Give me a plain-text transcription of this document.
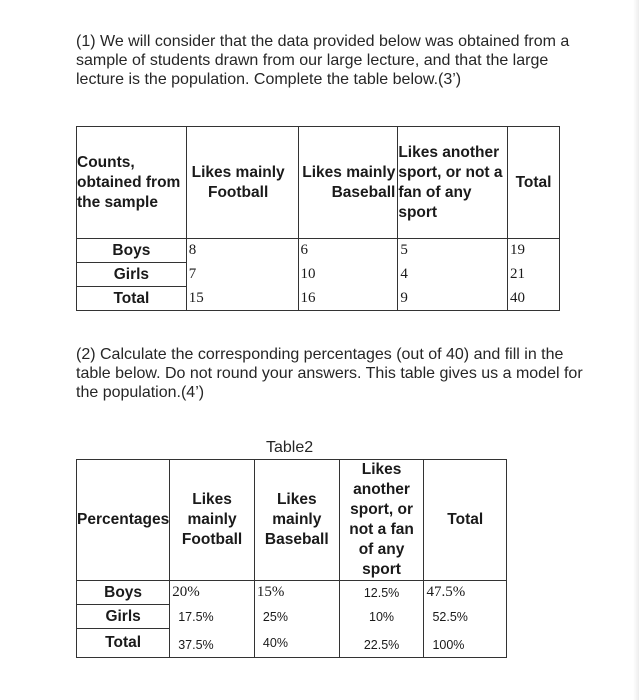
(1) We will consider that the data provided below was obtained from a sample of students drawn from our large lecture, and that the large lecture is the population. Complete the table below.(3’)
Counts, obtained from the sample	Likes mainly Football	Likes mainly Baseball	Likes another sport, or not a fan of any sport	Total
Boys	8	6	5	19
Girls	7	10	4	21
Total	15	16	9	40
(2) Calculate the corresponding percentages (out of 40) and fill in the table below. Do not round your answers. This table gives us a model for the population.(4’)
Table2
Percentages	Likes mainly Football	Likes mainly Baseball	Likes another sport, or not a fan of any sport	Total
Boys	20%	15%	12.5%	47.5%
Girls	17.5%	25%	10%	52.5%
Total	37.5%	40%	22.5%	100%
